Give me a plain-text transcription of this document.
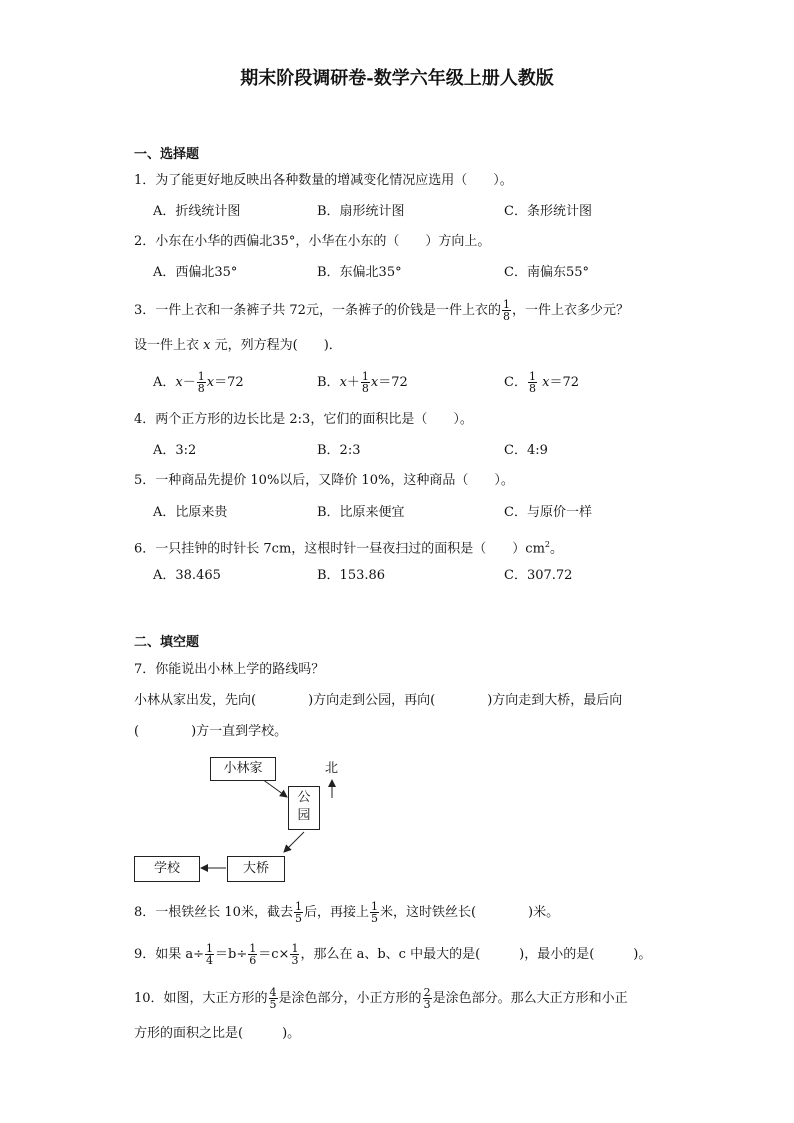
期末阶段调研卷-数学六年级上册人教版
一、选择题
1．为了能更好地反映出各种数量的增减变化情况应选用（　　）。
A．折线统计图	B．扇形统计图	C．条形统计图
2．小东在小华的西偏北35°，小华在小东的（　　）方向上。
A．西偏北35°	B．东偏北35°	C．南偏东55°
3．一件上衣和一条裤子共 72元，一条裤子的价钱是一件上衣的 $\frac{1}{8}$ ，一件上衣多少元？
设一件上衣 x 元，列方程为(　　)．
A．$x- \frac{1}{8} x=72$	B．$x+ \frac{1}{8} x=72$	C． $\frac{1}{8} x=72$
4．两个正方形的边长比是 2:3，它们的面积比是（　　）。
A．3:2	B．2:3	C．4:9
5．一种商品先提价 10%以后，又降价 10%，这种商品（　　）。
A．比原来贵	B．比原来便宜	C．与原价一样
6．一只挂钟的时针长 7cm，这根时针一昼夜扫过的面积是（　　）$cm^2$。
A．38.465	B．153.86	C．307.72
二、填空题
7．你能说出小林上学的路线吗？
小林从家出发，先向(　　　　)方向走到公园，再向(　　　　)方向走到大桥，最后向
(　　　　)方一直到学校。
小林家
公
园
大桥
学校
北
8．一根铁丝长 10米，截去 $\frac{1}{5}$ 后，再接上 $\frac{1}{5}$ 米，这时铁丝长(　　　　)米。
9．如果 $a\div \frac{1}{4} =b\div \frac{1}{6} =c\times \frac{1}{3}$ ，那么在 a、b、c 中最大的是(　　　)，最小的是(　　　)。
10．如图，大正方形的 $\frac{4}{5}$ 是涂色部分，小正方形的 $\frac{2}{3}$ 是涂色部分。那么大正方形和小正
方形的面积之比是(　　　)。
